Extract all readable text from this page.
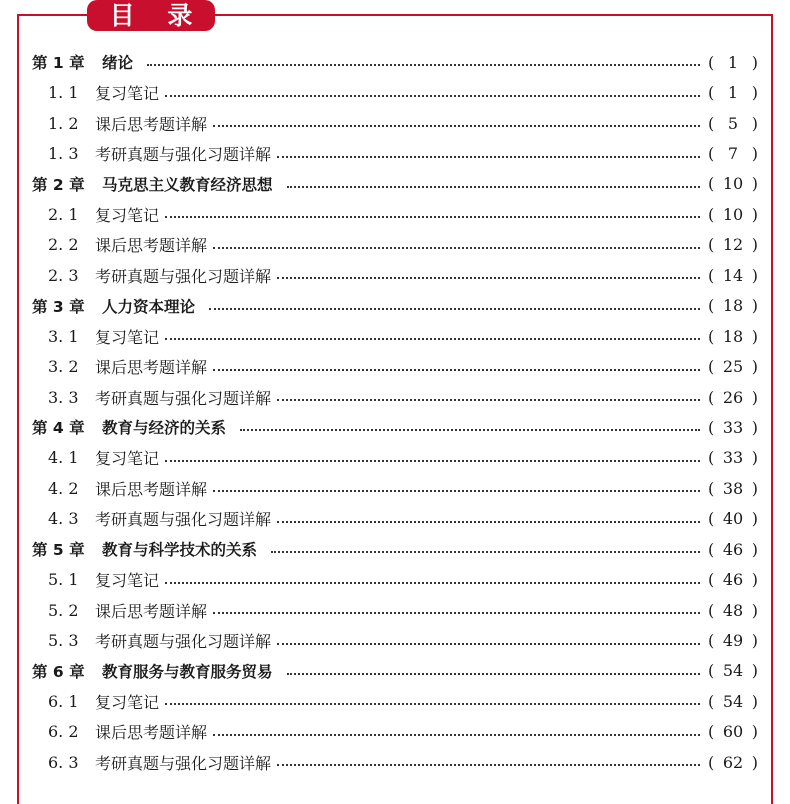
目 录
第 1 章	绪论	( 1 )
1. 1	复习笔记	( 1 )
1. 2	课后思考题详解	( 5 )
1. 3	考研真题与强化习题详解	( 7 )
第 2 章	马克思主义教育经济思想	( 10 )
2. 1	复习笔记	( 10 )
2. 2	课后思考题详解	( 12 )
2. 3	考研真题与强化习题详解	( 14 )
第 3 章	人力资本理论	( 18 )
3. 1	复习笔记	( 18 )
3. 2	课后思考题详解	( 25 )
3. 3	考研真题与强化习题详解	( 26 )
第 4 章	教育与经济的关系	( 33 )
4. 1	复习笔记	( 33 )
4. 2	课后思考题详解	( 38 )
4. 3	考研真题与强化习题详解	( 40 )
第 5 章	教育与科学技术的关系	( 46 )
5. 1	复习笔记	( 46 )
5. 2	课后思考题详解	( 48 )
5. 3	考研真题与强化习题详解	( 49 )
第 6 章	教育服务与教育服务贸易	( 54 )
6. 1	复习笔记	( 54 )
6. 2	课后思考题详解	( 60 )
6. 3	考研真题与强化习题详解	( 62 )
